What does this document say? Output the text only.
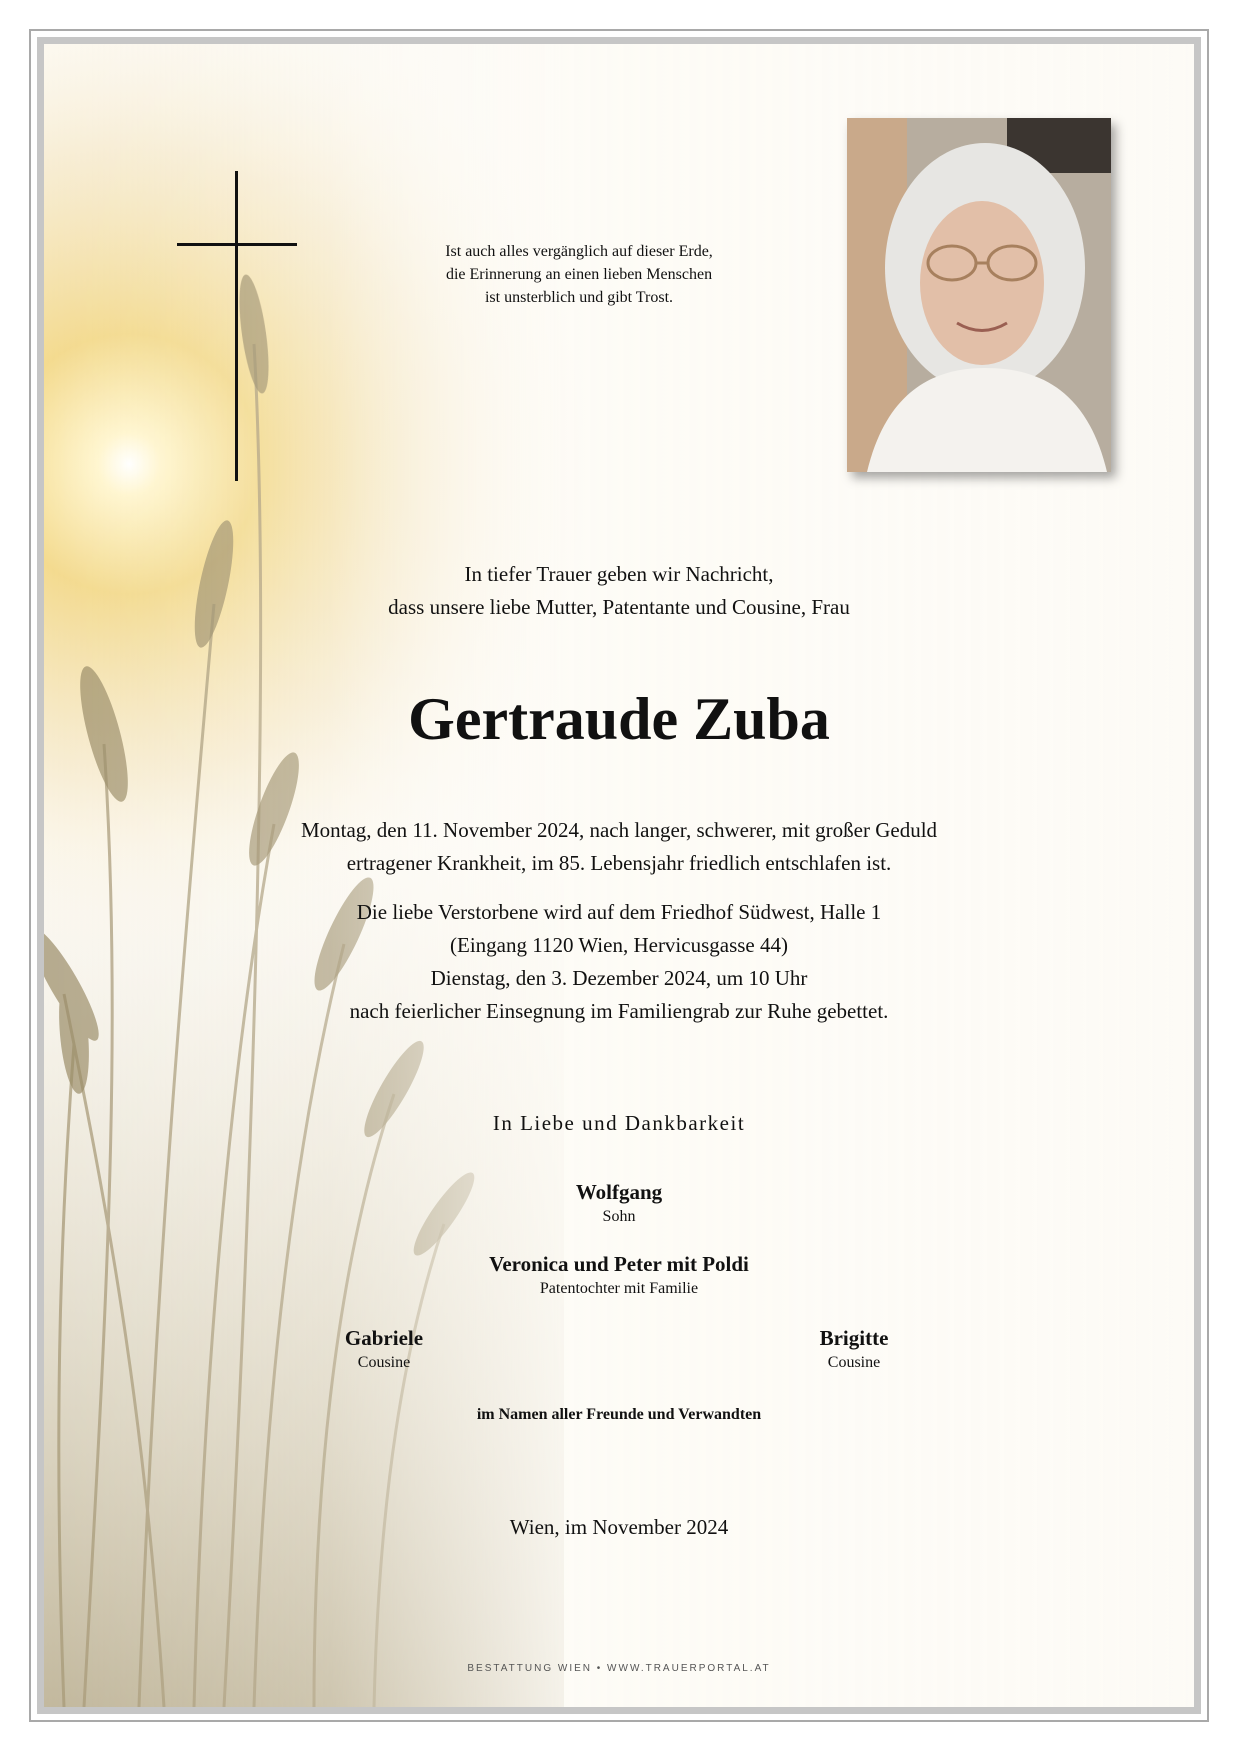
Ist auch alles vergänglich auf dieser Erde,
die Erinnerung an einen lieben Menschen
ist unsterblich und gibt Trost.
In tiefer Trauer geben wir Nachricht,
dass unsere liebe Mutter, Patentante und Cousine, Frau
Gertraude Zuba
Montag, den 11. November 2024, nach langer, schwerer, mit großer Geduld
ertragener Krankheit, im 85. Lebensjahr friedlich entschlafen ist.
Die liebe Verstorbene wird auf dem Friedhof Südwest, Halle 1
(Eingang 1120 Wien, Hervicusgasse 44)
Dienstag, den 3. Dezember 2024, um 10 Uhr
nach feierlicher Einsegnung im Familiengrab zur Ruhe gebettet.
In Liebe und Dankbarkeit
Wolfgang
Sohn
Veronica und Peter mit Poldi
Patentochter mit Familie
Gabriele
Cousine
Brigitte
Cousine
im Namen aller Freunde und Verwandten
Wien, im November 2024
BESTATTUNG WIEN • WWW.TRAUERPORTAL.AT
